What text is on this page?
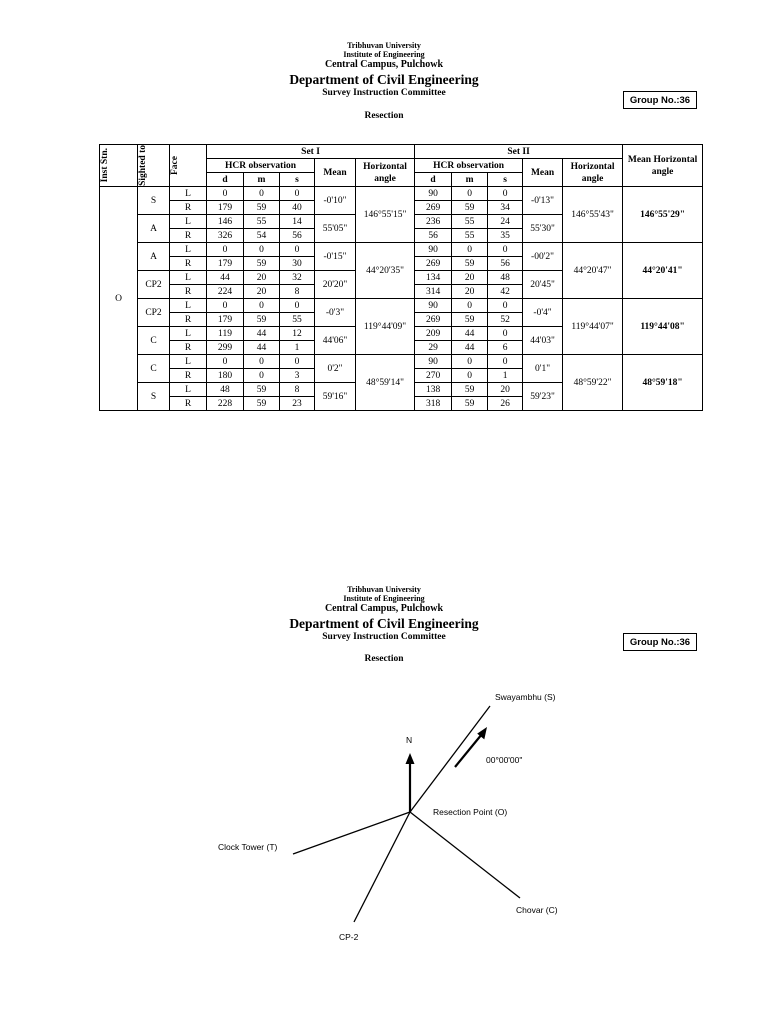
Tribhuvan University
Institute of Engineering
Central Campus, Pulchowk
Department of Civil Engineering
Survey Instruction Committee
Resection
Group No.:36
Inst Stn.	Sighted to	Face	Set I					Set II					Mean Horizontal angle
			HCR observation			Mean	Horizontal angle	HCR observation			Mean	Horizontal angle	
			d	m	s			d	m	s			
O	S	L	0	0	0	-0'10"	146°55'15"	90	0	0	-0'13"	146°55'43"	146°55'29"
		R	179	59	40			269	59	34			
	A	L	146	55	14	55'05"		236	55	24	55'30"		
		R	326	54	56			56	55	35			
	A	L	0	0	0	-0'15"	44°20'35"	90	0	0	-00'2"	44°20'47"	44°20'41"
		R	179	59	30			269	59	56			
	CP2	L	44	20	32	20'20"		134	20	48	20'45"		
		R	224	20	8			314	20	42			
	CP2	L	0	0	0	-0'3"	119°44'09"	90	0	0	-0'4"	119°44'07"	119°44'08"
		R	179	59	55			269	59	52			
	C	L	119	44	12	44'06"		209	44	0	44'03"		
		R	299	44	1			29	44	6			
	C	L	0	0	0	0'2"	48°59'14"	90	0	0	0'1"	48°59'22"	48°59'18"
		R	180	0	3			270	0	1			
	S	L	48	59	8	59'16"		138	59	20	59'23"		
		R	228	59	23			318	59	26			
Tribhuvan University
Institute of Engineering
Central Campus, Pulchowk
Department of Civil Engineering
Survey Instruction Committee
Resection
Group No.:36
N
Swayambhu (S)
00°00'00"
Resection Point (O)
Clock Tower (T)
Chovar (C)
CP-2
